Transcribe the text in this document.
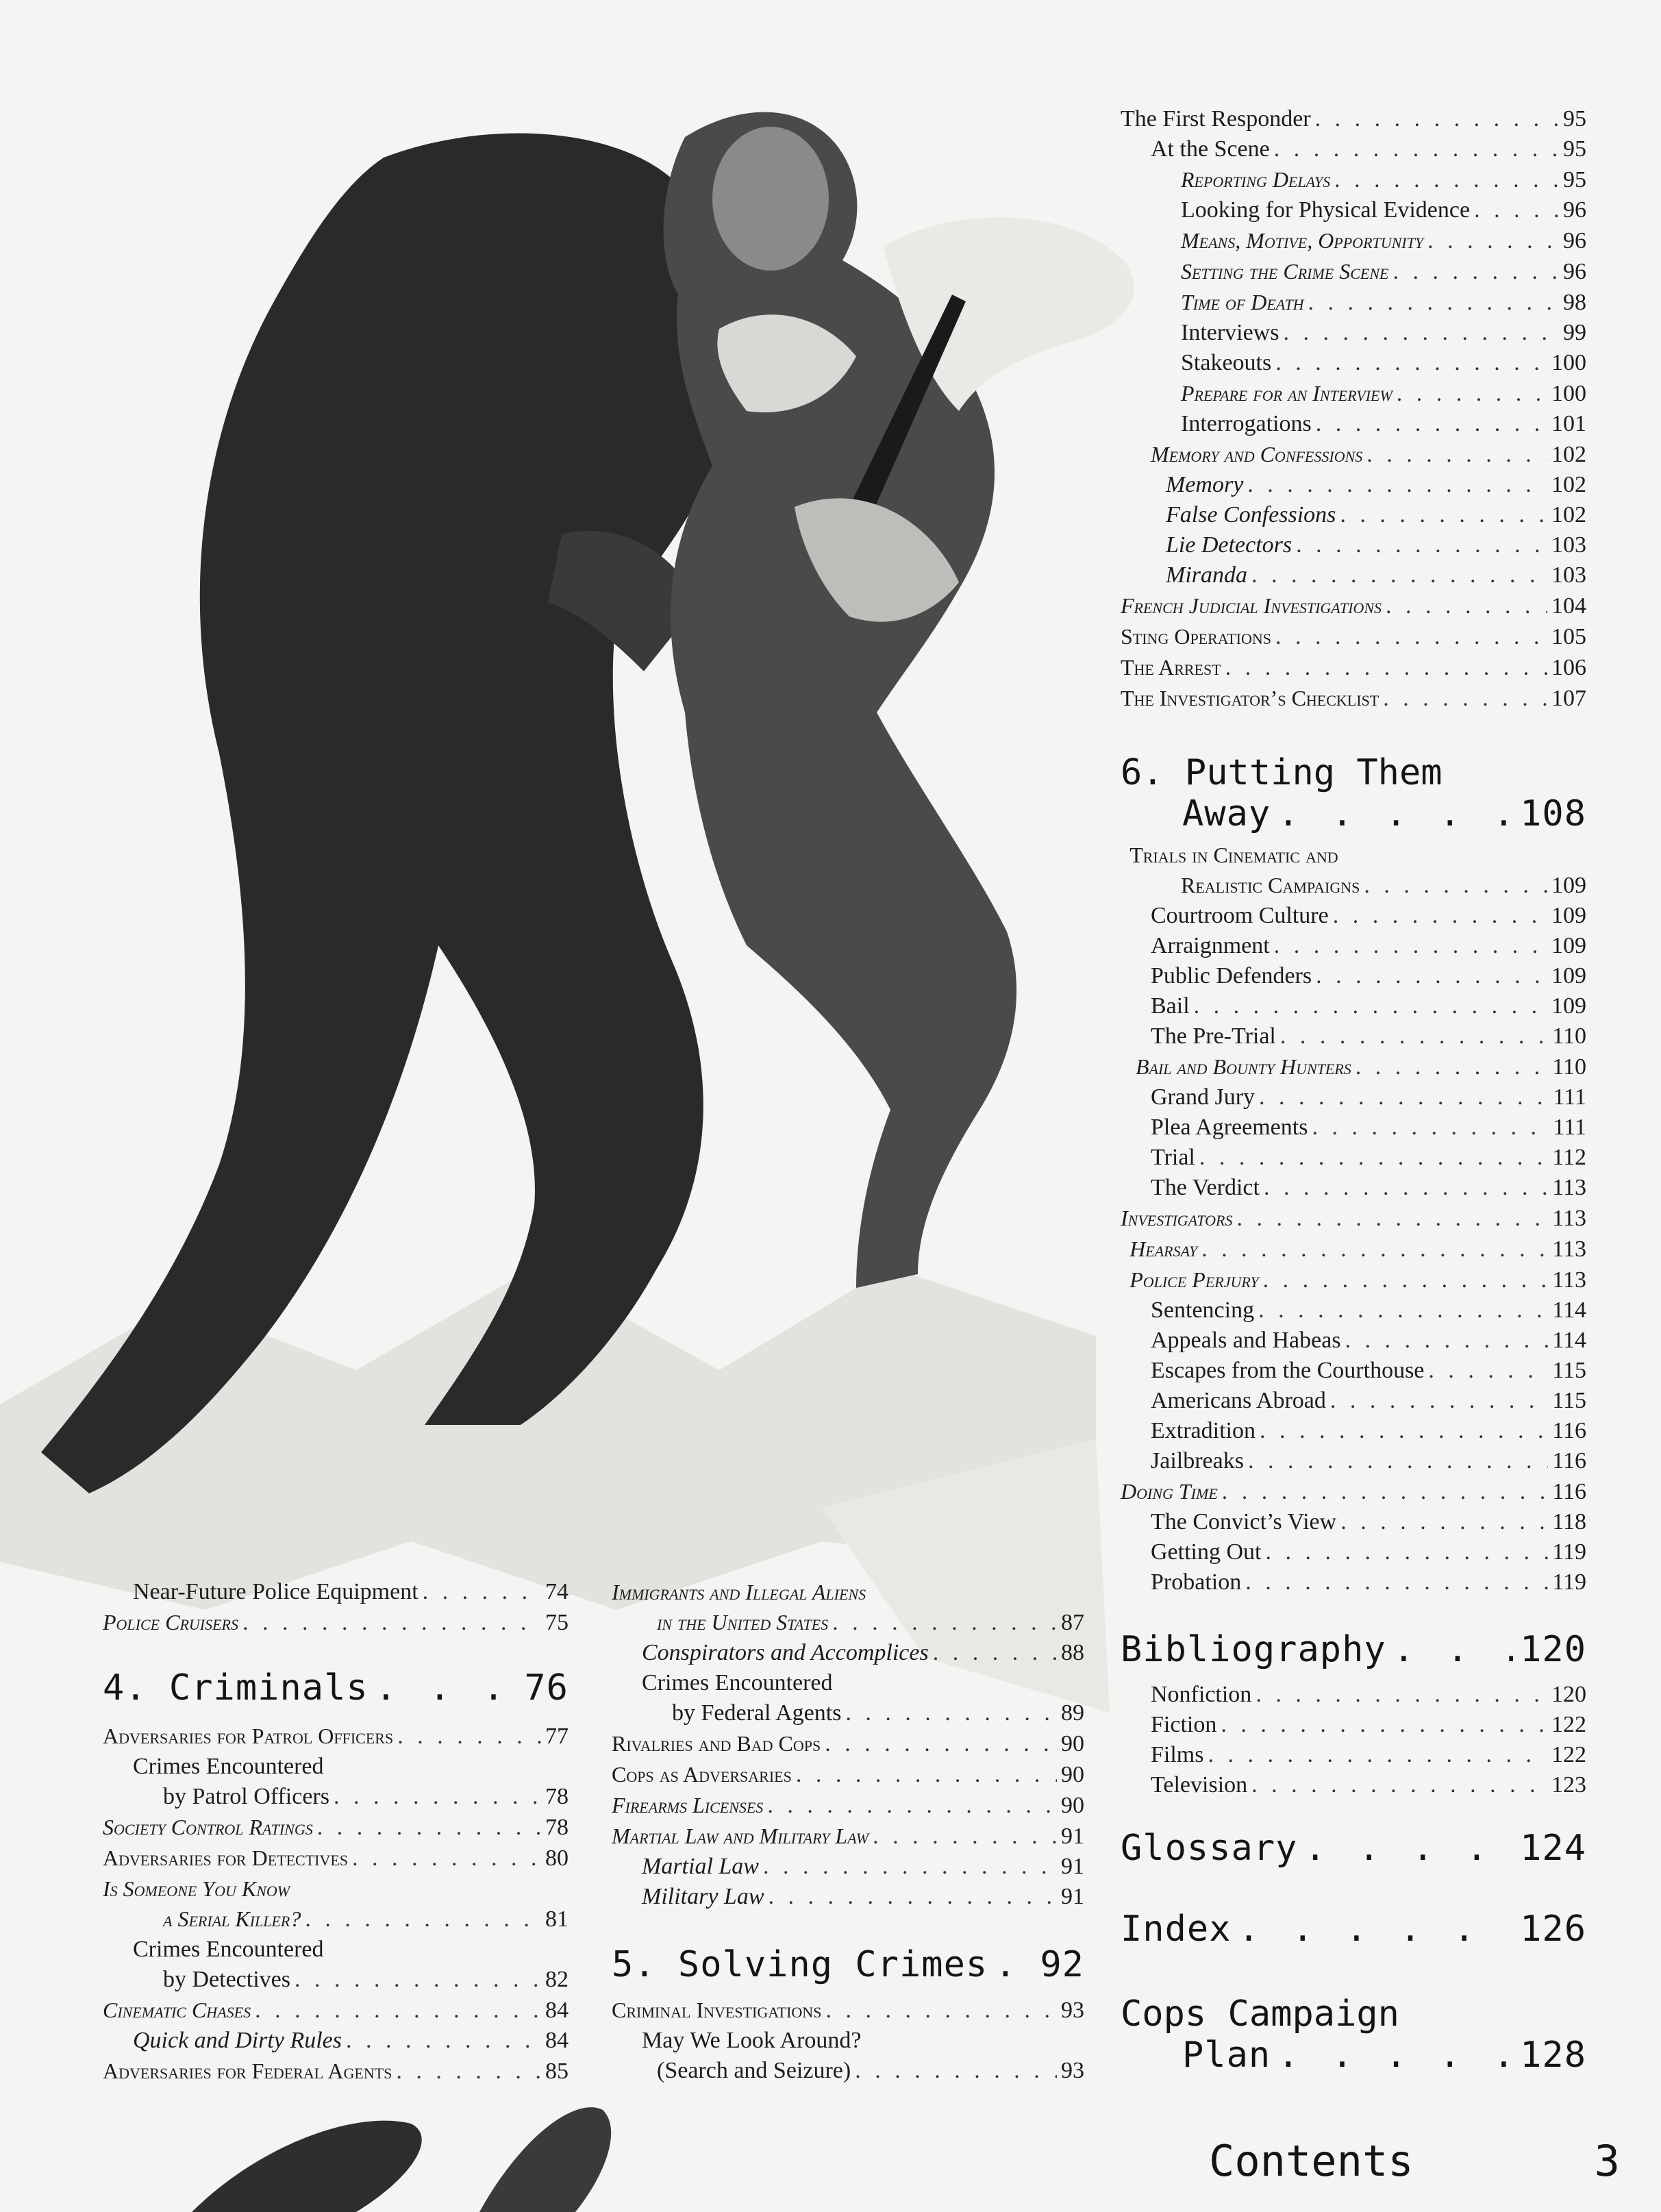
The First Responder . . .	95
At the Scene . . .	95
Reporting Delays . . .	95
Looking for Physical Evidence . . .	96
Means, Motive, Opportunity . . .	96
Setting the Crime Scene . . .	96
Time of Death . . .	98
Interviews . . .	99
Stakeouts . . .	100
Prepare for an Interview . . .	100
Interrogations . . .	101
Memory and Confessions . . .	102
Memory . . .	102
False Confessions . . .	102
Lie Detectors . . .	103
Miranda . . .	103
French Judicial Investigations . . .	104
Sting Operations . . .	105
The Arrest . . .	106
The Investigator’s Checklist . . .	107
6. Putting Them
Away . . .	108
Trials in Cinematic and
Realistic Campaigns . . .	109
Courtroom Culture . . .	109
Arraignment . . .	109
Public Defenders . . .	109
Bail . . .	109
The Pre-Trial . . .	110
Bail and Bounty Hunters . . .	110
Grand Jury . . .	111
Plea Agreements . . .	111
Trial . . .	112
The Verdict . . .	113
Investigators . . .	113
Hearsay . . .	113
Police Perjury . . .	113
Sentencing . . .	114
Appeals and Habeas . . .	114
Escapes from the Courthouse . . .	115
Americans Abroad . . .	115
Extradition . . .	116
Jailbreaks . . .	116
Doing Time . . .	116
The Convict’s View . . .	118
Getting Out . . .	119
Probation . . .	119
Bibliography . . .	120
Nonfiction . . .	120
Fiction . . .	122
Films . . .	122
Television . . .	123
Glossary . . .	124
Index . . .	126
Cops Campaign
Plan . . .	128
Near-Future Police Equipment . . .	74
Police Cruisers . . .	75
4. Criminals . . .	76
Adversaries for Patrol Officers . . .	77
Crimes Encountered
by Patrol Officers . . .	78
Society Control Ratings . . .	78
Adversaries for Detectives . . .	80
Is Someone You Know
a Serial Killer? . . .	81
Crimes Encountered
by Detectives . . .	82
Cinematic Chases . . .	84
Quick and Dirty Rules . . .	84
Adversaries for Federal Agents . . .	85
Immigrants and Illegal Aliens
in the United States . . .	87
Conspirators and Accomplices . . .	88
Crimes Encountered
by Federal Agents . . .	89
Rivalries and Bad Cops . . .	90
Cops as Adversaries . . .	90
Firearms Licenses . . .	90
Martial Law and Military Law . . .	91
Martial Law . . .	91
Military Law . . .	91
5. Solving Crimes . . . 92
Criminal Investigations . . .	93
May We Look Around?
(Search and Seizure) . . .	93
Contents	3
